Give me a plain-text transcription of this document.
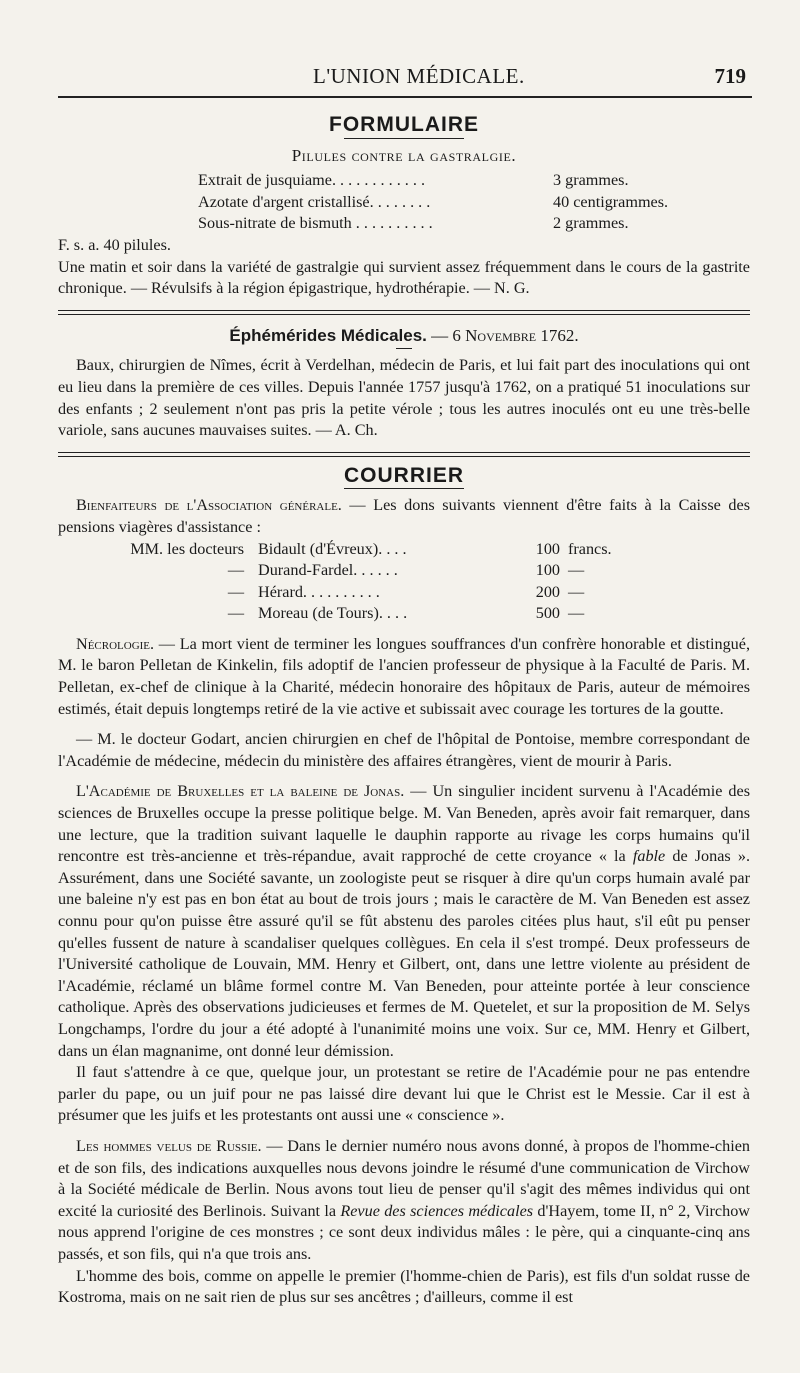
L'UNION MÉDICALE.	719
FORMULAIRE
Pilules contre la gastralgie.
Extrait de jusquiame. . . . . . . . . . . .	3 grammes.
Azotate d'argent cristallisé. . . . . . . .	40 centigrammes.
Sous-nitrate de bismuth . . . . . . . . . .	2 grammes.

F. s. a. 40 pilules.

Une matin et soir dans la variété de gastralgie qui survient assez fréquemment dans le cours de la gastrite chronique. — Révulsifs à la région épigastrique, hydrothérapie. — N. G.

Éphémérides Médicales. — 6 Novembre 1762.

Baux, chirurgien de Nîmes, écrit à Verdelhan, médecin de Paris, et lui fait part des inoculations qui ont eu lieu dans la première de ces villes. Depuis l'année 1757 jusqu'à 1762, on a pratiqué 51 inoculations sur des enfants ; 2 seulement n'ont pas pris la petite vérole ; tous les autres inoculés ont eu une très-belle variole, sans aucunes mauvaises suites. — A. Ch.

COURRIER

Bienfaiteurs de l'Association générale. — Les dons suivants viennent d'être faits à la Caisse des pensions viagères d'assistance :

MM. les docteurs Bidault (d'Évreux). . . .	100 francs.
— Durand-Fardel. . . . . .	100 —
— Hérard. . . . . . . . . .	200 —
— Moreau (de Tours). . . .	500 —

Nécrologie. — La mort vient de terminer les longues souffrances d'un confrère honorable et distingué, M. le baron Pelletan de Kinkelin, fils adoptif de l'ancien professeur de physique à la Faculté de Paris. M. Pelletan, ex-chef de clinique à la Charité, médecin honoraire des hôpitaux de Paris, auteur de mémoires estimés, était depuis longtemps retiré de la vie active et subissait avec courage les tortures de la goutte.

— M. le docteur Godart, ancien chirurgien en chef de l'hôpital de Pontoise, membre correspondant de l'Académie de médecine, médecin du ministère des affaires étrangères, vient de mourir à Paris.

L'Académie de Bruxelles et la baleine de Jonas. — Un singulier incident survenu à l'Académie des sciences de Bruxelles occupe la presse politique belge. M. Van Beneden, après avoir fait remarquer, dans une lecture, que la tradition suivant laquelle le dauphin rapporte au rivage les corps humains qu'il rencontre est très-ancienne et très-répandue, avait rapproché de cette croyance « la fable de Jonas ». Assurément, dans une Société savante, un zoologiste peut se risquer à dire qu'un corps humain avalé par une baleine n'y est pas en bon état au bout de trois jours ; mais le caractère de M. Van Beneden est assez connu pour qu'on puisse être assuré qu'il se fût abstenu des paroles citées plus haut, s'il eût pu penser qu'elles fussent de nature à scandaliser quelques collègues. En cela il s'est trompé. Deux professeurs de l'Université catholique de Louvain, MM. Henry et Gilbert, ont, dans une lettre violente au président de l'Académie, réclamé un blâme formel contre M. Van Beneden, pour atteinte portée à leur conscience catholique. Après des observations judicieuses et fermes de M. Quetelet, et sur la proposition de M. Selys Longchamps, l'ordre du jour a été adopté à l'unanimité moins une voix. Sur ce, MM. Henry et Gilbert, dans un élan magnanime, ont donné leur démission.

Il faut s'attendre à ce que, quelque jour, un protestant se retire de l'Académie pour ne pas entendre parler du pape, ou un juif pour ne pas laissé dire devant lui que le Christ est le Messie. Car il est à présumer que les juifs et les protestants ont aussi une « conscience ».

Les hommes velus de Russie. — Dans le dernier numéro nous avons donné, à propos de l'homme-chien et de son fils, des indications auxquelles nous devons joindre le résumé d'une communication de Virchow à la Société médicale de Berlin. Nous avons tout lieu de penser qu'il s'agit des mêmes individus qui ont excité la curiosité des Berlinois. Suivant la Revue des sciences médicales d'Hayem, tome II, n° 2, Virchow nous apprend l'origine de ces monstres ; ce sont deux individus mâles : le père, qui a cinquante-cinq ans passés, et son fils, qui n'a que trois ans.

L'homme des bois, comme on appelle le premier (l'homme-chien de Paris), est fils d'un soldat russe de Kostroma, mais on ne sait rien de plus sur ses ancêtres ; d'ailleurs, comme il est
